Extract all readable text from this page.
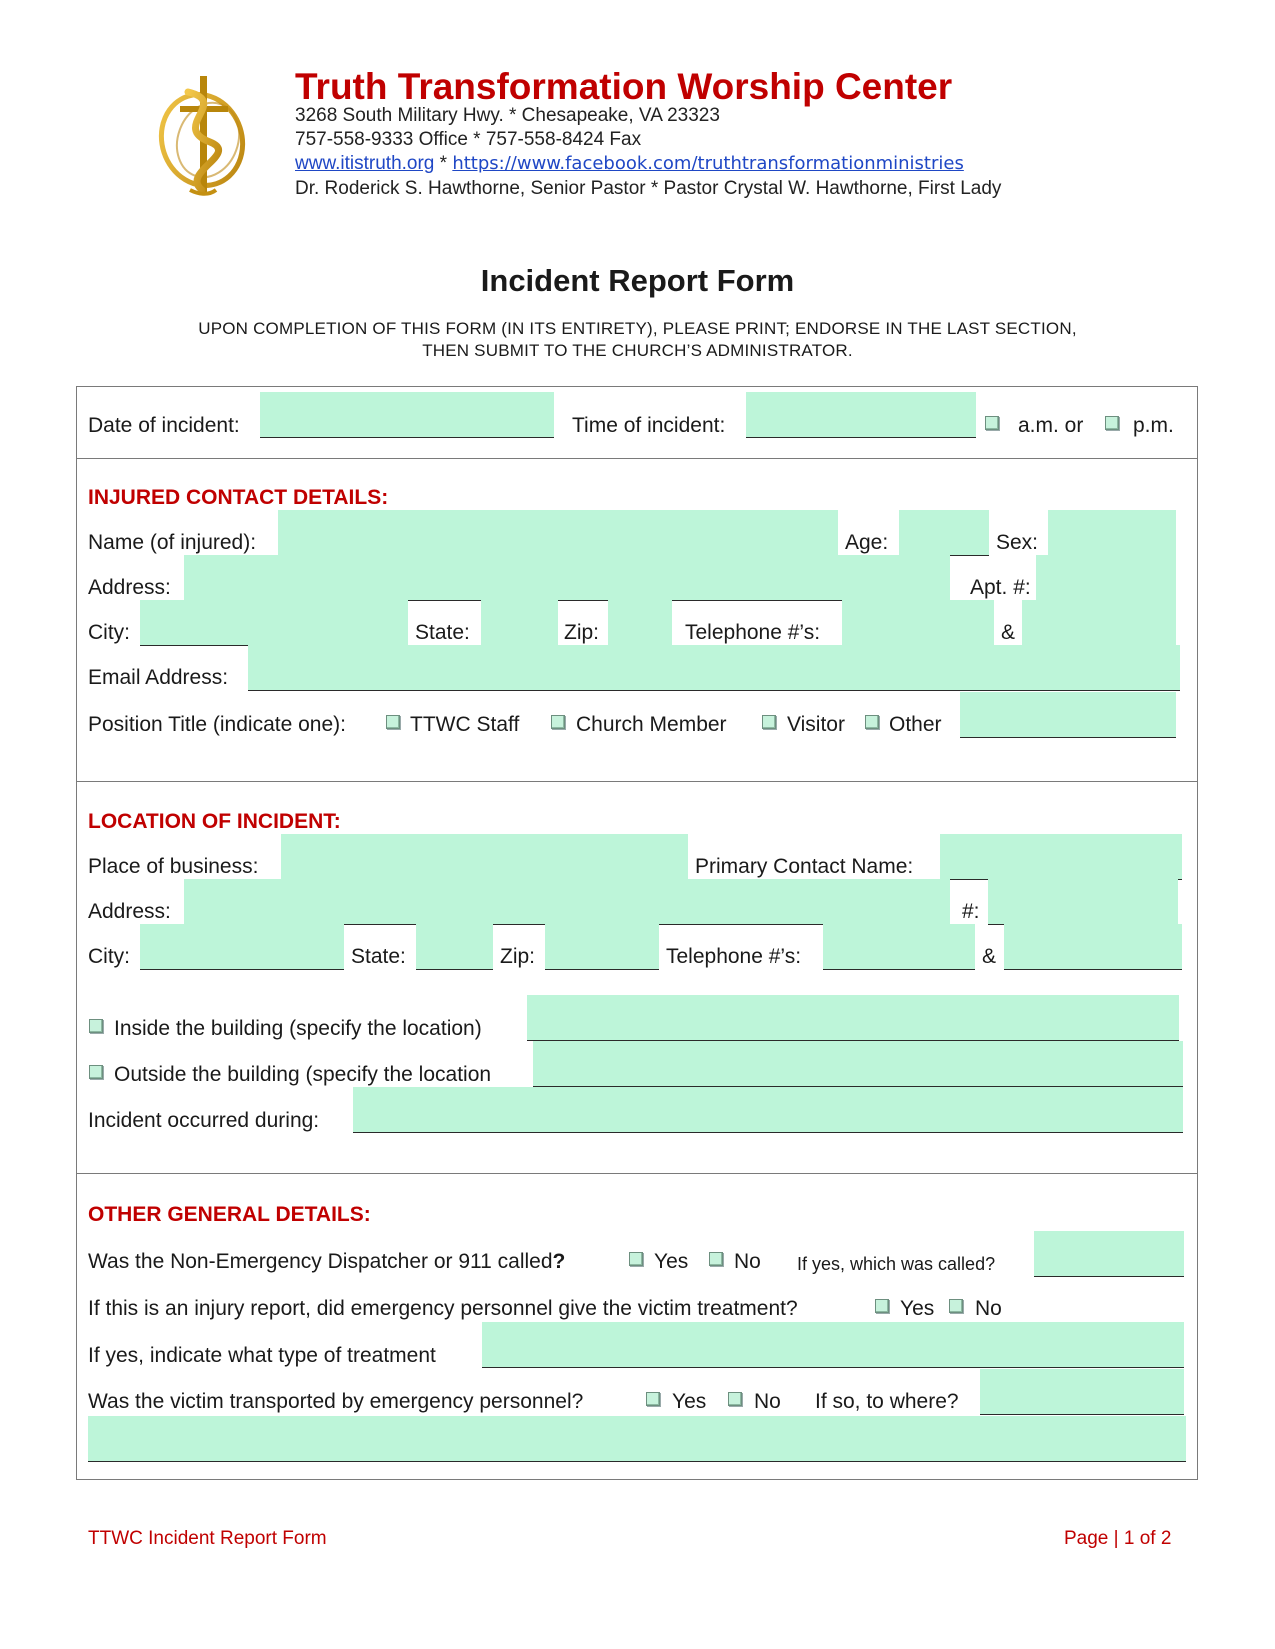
Truth Transformation Worship Center
3268 South Military Hwy. * Chesapeake, VA 23323
757-558-9333 Office * 757-558-8424 Fax
www.itistruth.org * https://www.facebook.com/truthtransformationministries
Dr. Roderick S. Hawthorne, Senior Pastor * Pastor Crystal W. Hawthorne, First Lady
Incident Report Form
UPON COMPLETION OF THIS FORM (IN ITS ENTIRETY), PLEASE PRINT; ENDORSE IN THE LAST SECTION,
THEN SUBMIT TO THE CHURCH’S ADMINISTRATOR.
Date of incident:	Time of incident:	a.m. or p.m.
INJURED CONTACT DETAILS:
Name (of injured):	Age:	Sex:
Address:	Apt. #:
City:	State:	Zip:	Telephone #’s:	&
Email Address:
Position Title (indicate one):	TTWC Staff	Church Member	Visitor Other
LOCATION OF INCIDENT:
Place of business:	Primary Contact Name:
Address:	#:
City:	State:	Zip:	Telephone #’s:	&
Inside the building (specify the location)
Outside the building (specify the location
Incident occurred during:
OTHER GENERAL DETAILS:
Was the Non-Emergency Dispatcher or 911 called?	Yes No If yes, which was called?
If this is an injury report, did emergency personnel give the victim treatment?	Yes No
If yes, indicate what type of treatment
Was the victim transported by emergency personnel?	Yes No If so, to where?
TTWC Incident Report Form	Page | 1 of 2
